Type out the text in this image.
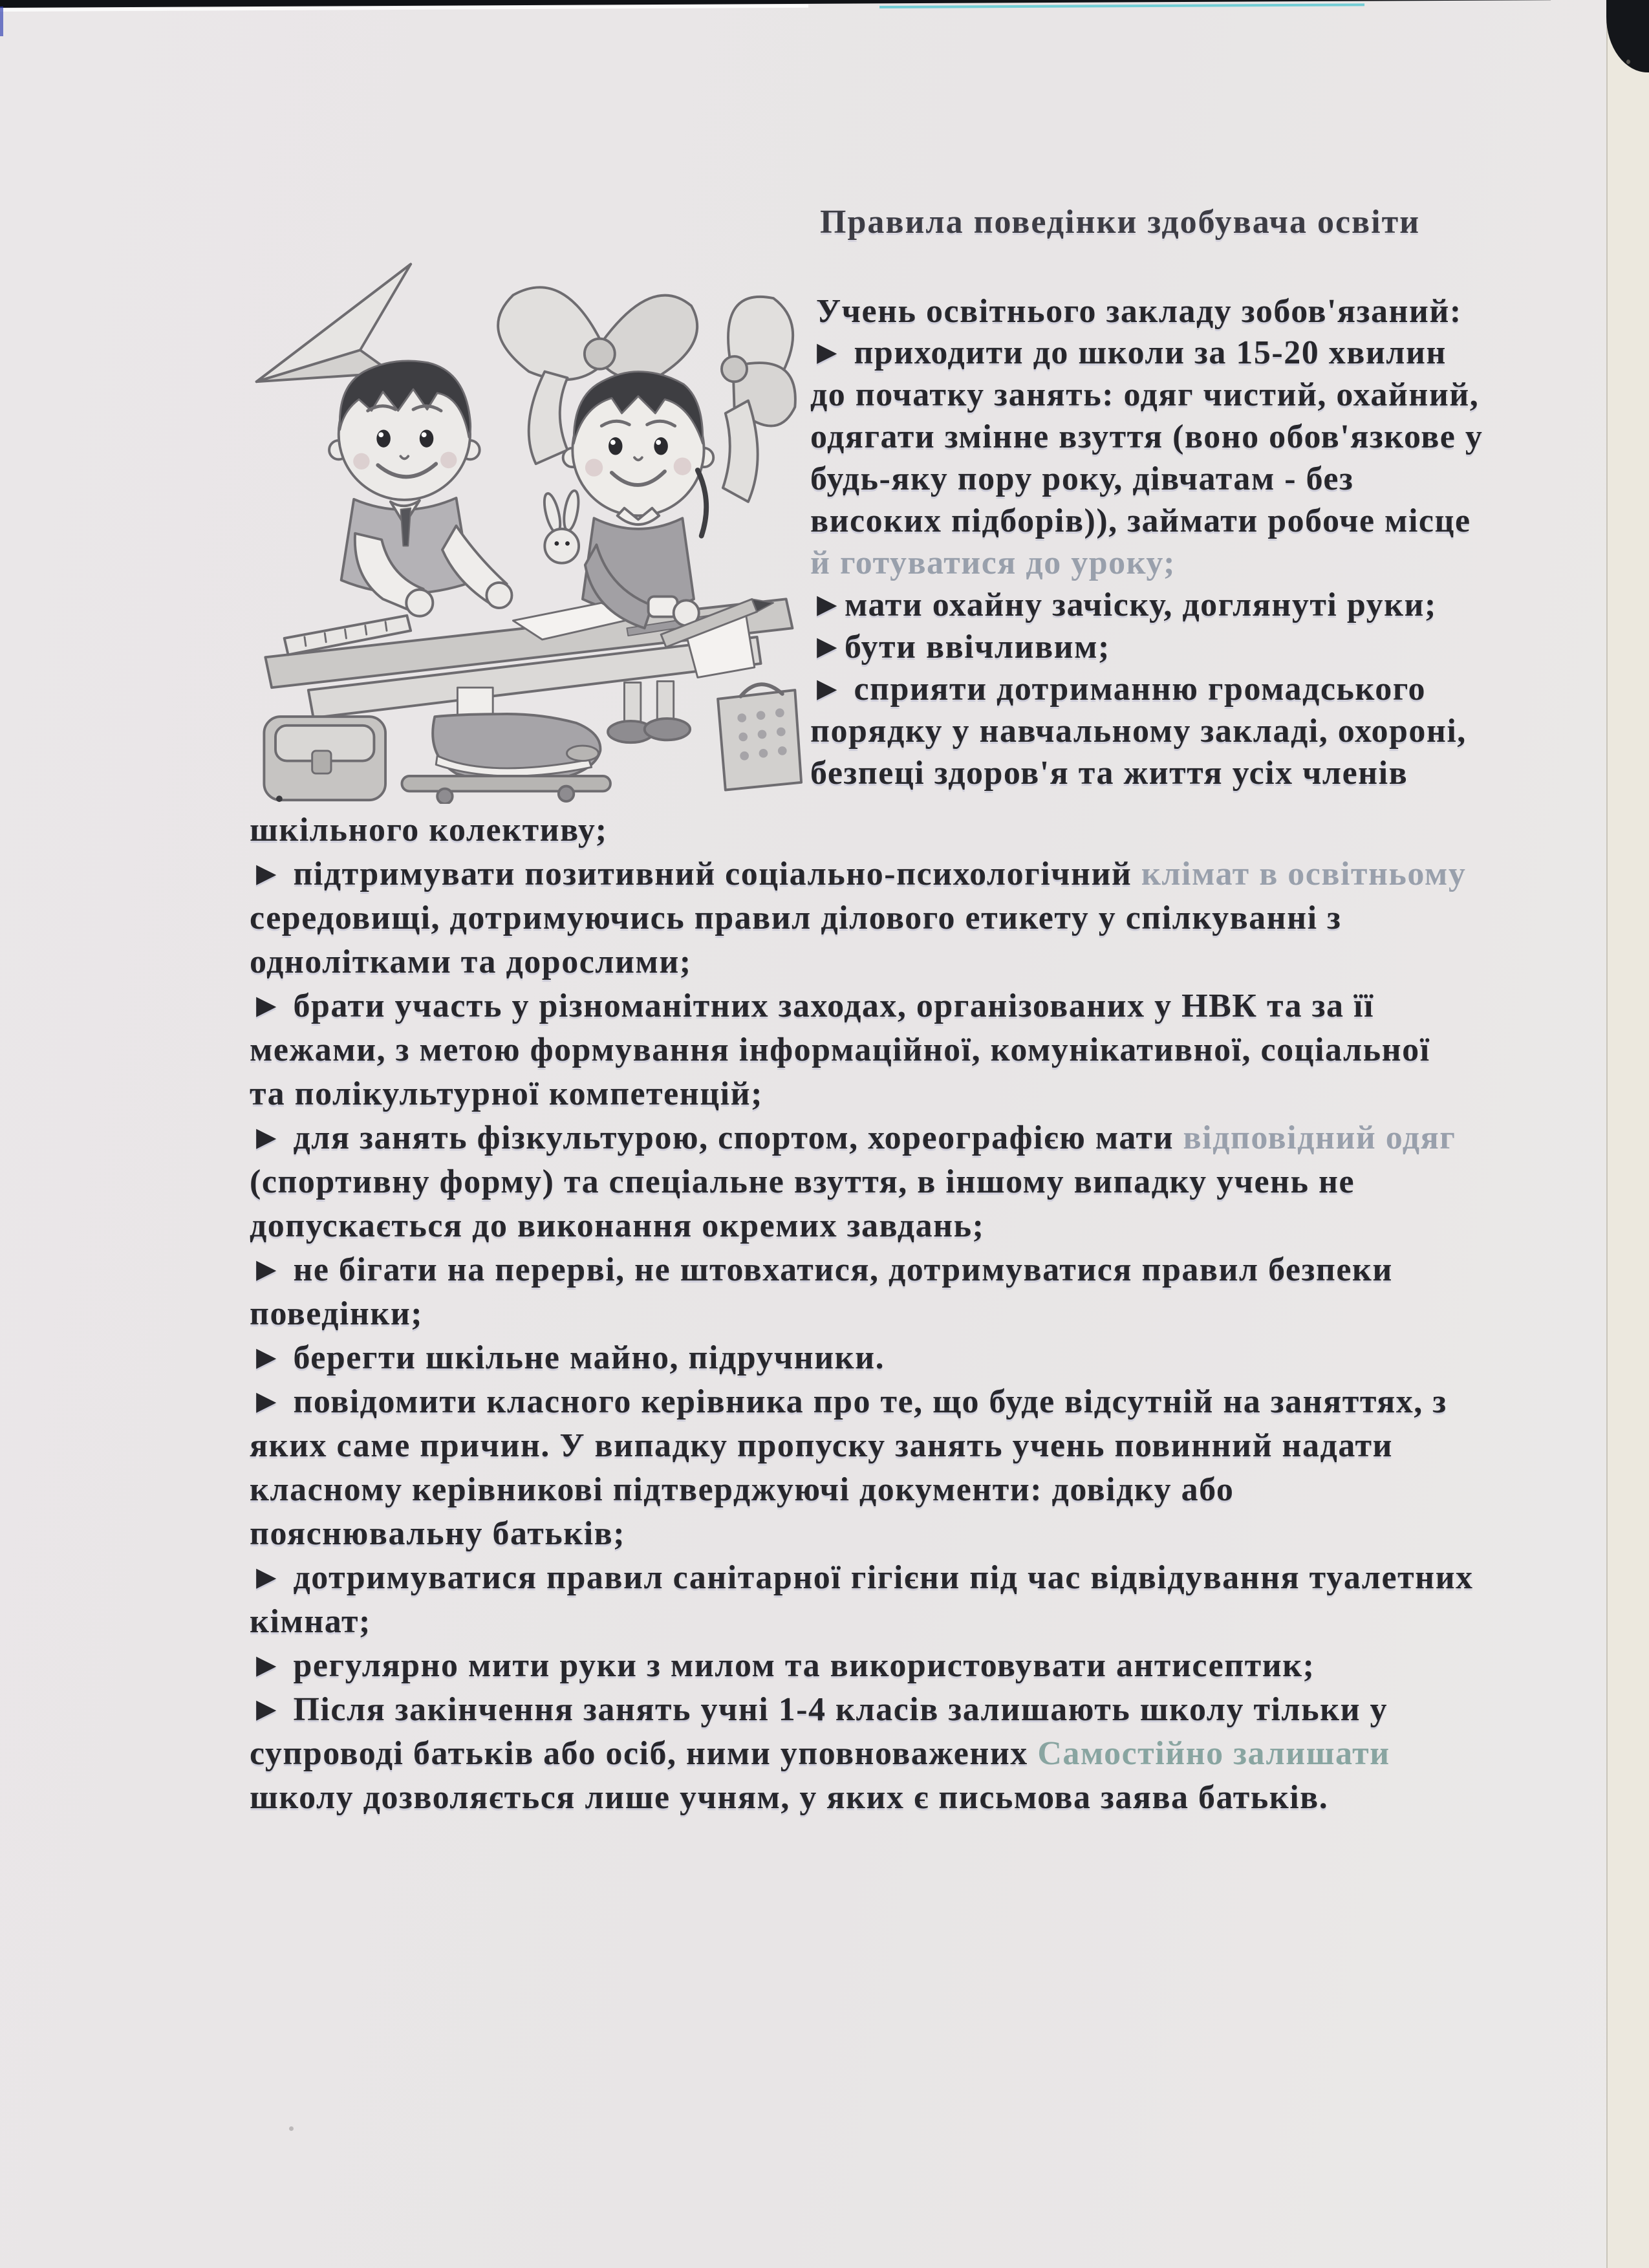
Правила поведінки здобувача освіти

Учень освітнього закладу зобов'язаний:

► приходити до школи за 15-20 хвилин

до початку занять: одяг чистий, охайний,

одягати змінне взуття (воно обов'язкове у

будь-яку пору року, дівчатам - без

високих підборів)), займати робоче місце

й готуватися до уроку;

►мати охайну зачіску, доглянуті руки;

►бути ввічливим;

► сприяти дотриманню громадського

порядку у навчальному закладі, охороні,

безпеці здоров'я та життя усіх членів

шкільного колективу;

► підтримувати позитивний соціально-психологічний клімат в освітньому

середовищі, дотримуючись правил ділового етикету у спілкуванні з

однолітками та дорослими;

► брати участь у різноманітних заходах, організованих у НВК та за її

межами, з метою формування інформаційної, комунікативної, соціальної

та полікультурної компетенцій;

► для занять фізкультурою, спортом, хореографією мати відповідний одяг

(спортивну форму) та спеціальне взуття, в іншому випадку учень не

допускається до виконання окремих завдань;

► не бігати на перерві, не штовхатися, дотримуватися правил безпеки

поведінки;

► берегти шкільне майно, підручники.

► повідомити класного керівника про те, що буде відсутній на заняттях, з

яких саме причин. У випадку пропуску занять учень повинний надати

класному керівникові підтверджуючі документи: довідку або

пояснювальну батьків;

► дотримуватися правил санітарної гігієни під час відвідування туалетних

кімнат;

► регулярно мити руки з милом та використовувати антисептик;

► Після закінчення занять учні 1-4 класів залишають школу тільки у

супроводі батьків або осіб, ними уповноважених Самостійно залишати

школу дозволяється лише учням, у яких є письмова заява батьків.
